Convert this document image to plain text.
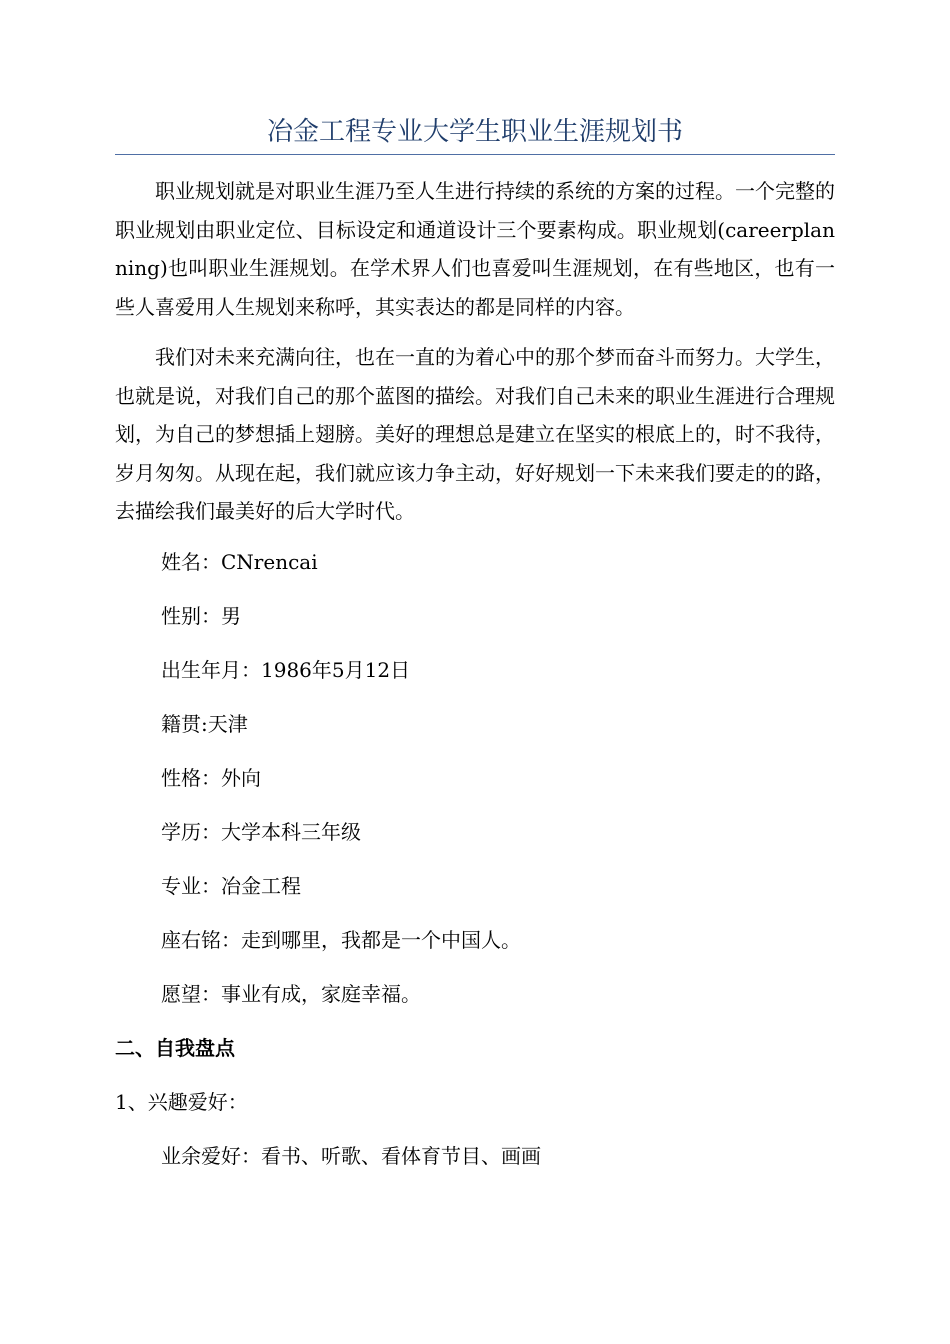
冶金工程专业大学生职业生涯规划书

职业规划就是对职业生涯乃至人生进行持续的系统的方案的过程。一个完整的职业规划由职业定位、目标设定和通道设计三个要素构成。职业规划(careerplanning)也叫职业生涯规划。在学术界人们也喜爱叫生涯规划，在有些地区，也有一些人喜爱用人生规划来称呼，其实表达的都是同样的内容。

我们对未来充满向往，也在一直的为着心中的那个梦而奋斗而努力。大学生，也就是说，对我们自己的那个蓝图的描绘。对我们自己未来的职业生涯进行合理规划，为自己的梦想插上翅膀。美好的理想总是建立在坚实的根底上的，时不我待，岁月匆匆。从现在起，我们就应该力争主动，好好规划一下未来我们要走的的路，去描绘我们最美好的后大学时代。

姓名：CNrencai

性别：男

出生年月：1986年5月12日

籍贯:天津

性格：外向

学历：大学本科三年级

专业：冶金工程

座右铭：走到哪里，我都是一个中国人。

愿望：事业有成，家庭幸福。

二、自我盘点

1、兴趣爱好：

业余爱好：看书、听歌、看体育节目、画画
